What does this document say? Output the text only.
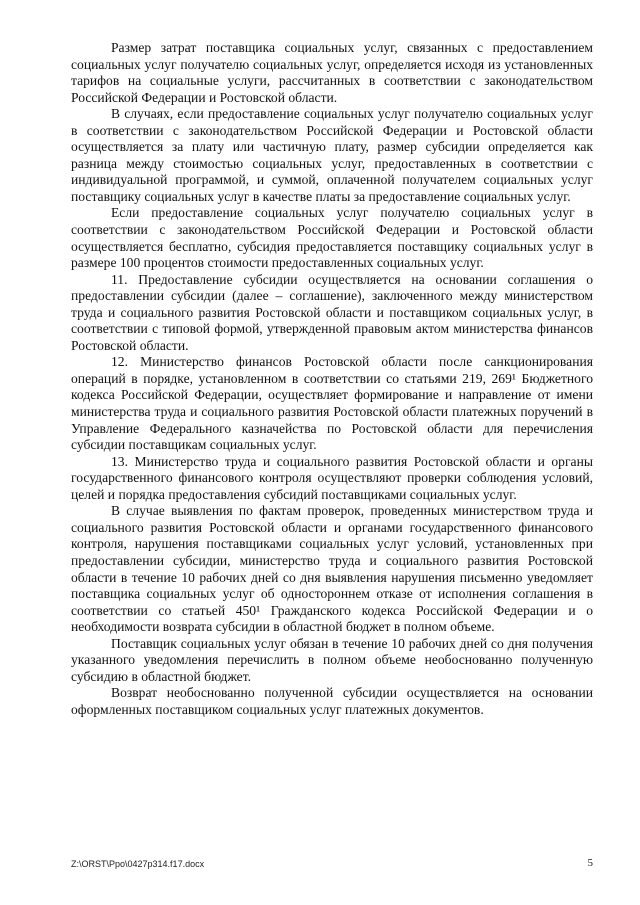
Размер затрат поставщика социальных услуг, связанных с предоставлением социальных услуг получателю социальных услуг, определяется исходя из установленных тарифов на социальные услуги, рассчитанных в соответствии с законодательством Российской Федерации и Ростовской области.

В случаях, если предоставление социальных услуг получателю социальных услуг в соответствии с законодательством Российской Федерации и Ростовской области осуществляется за плату или частичную плату, размер субсидии определяется как разница между стоимостью социальных услуг, предоставленных в соответствии с индивидуальной программой, и суммой, оплаченной получателем социальных услуг поставщику социальных услуг в качестве платы за предоставление социальных услуг.

Если предоставление социальных услуг получателю социальных услуг в соответствии с законодательством Российской Федерации и Ростовской области осуществляется бесплатно, субсидия предоставляется поставщику социальных услуг в размере 100 процентов стоимости предоставленных социальных услуг.

11. Предоставление субсидии осуществляется на основании соглашения о предоставлении субсидии (далее – соглашение), заключенного между министерством труда и социального развития Ростовской области и поставщиком социальных услуг, в соответствии с типовой формой, утвержденной правовым актом министерства финансов Ростовской области.

12. Министерство финансов Ростовской области после санкционирования операций в порядке, установленном в соответствии со статьями 219, 269¹ Бюджетного кодекса Российской Федерации, осуществляет формирование и направление от имени министерства труда и социального развития Ростовской области платежных поручений в Управление Федерального казначейства по Ростовской области для перечисления субсидии поставщикам социальных услуг.

13. Министерство труда и социального развития Ростовской области и органы государственного финансового контроля осуществляют проверки соблюдения условий, целей и порядка предоставления субсидий поставщиками социальных услуг.

В случае выявления по фактам проверок, проведенных министерством труда и социального развития Ростовской области и органами государственного финансового контроля, нарушения поставщиками социальных услуг условий, установленных при предоставлении субсидии, министерство труда и социального развития Ростовской области в течение 10 рабочих дней со дня выявления нарушения письменно уведомляет поставщика социальных услуг об одностороннем отказе от исполнения соглашения в соответствии со статьей 450¹ Гражданского кодекса Российской Федерации и о необходимости возврата субсидии в областной бюджет в полном объеме.

Поставщик социальных услуг обязан в течение 10 рабочих дней со дня получения указанного уведомления перечислить в полном объеме необоснованно полученную субсидию в областной бюджет.

Возврат необоснованно полученной субсидии осуществляется на основании оформленных поставщиком социальных услуг платежных документов.

Z:\ORST\Ppo\0427p314.f17.docx	5
